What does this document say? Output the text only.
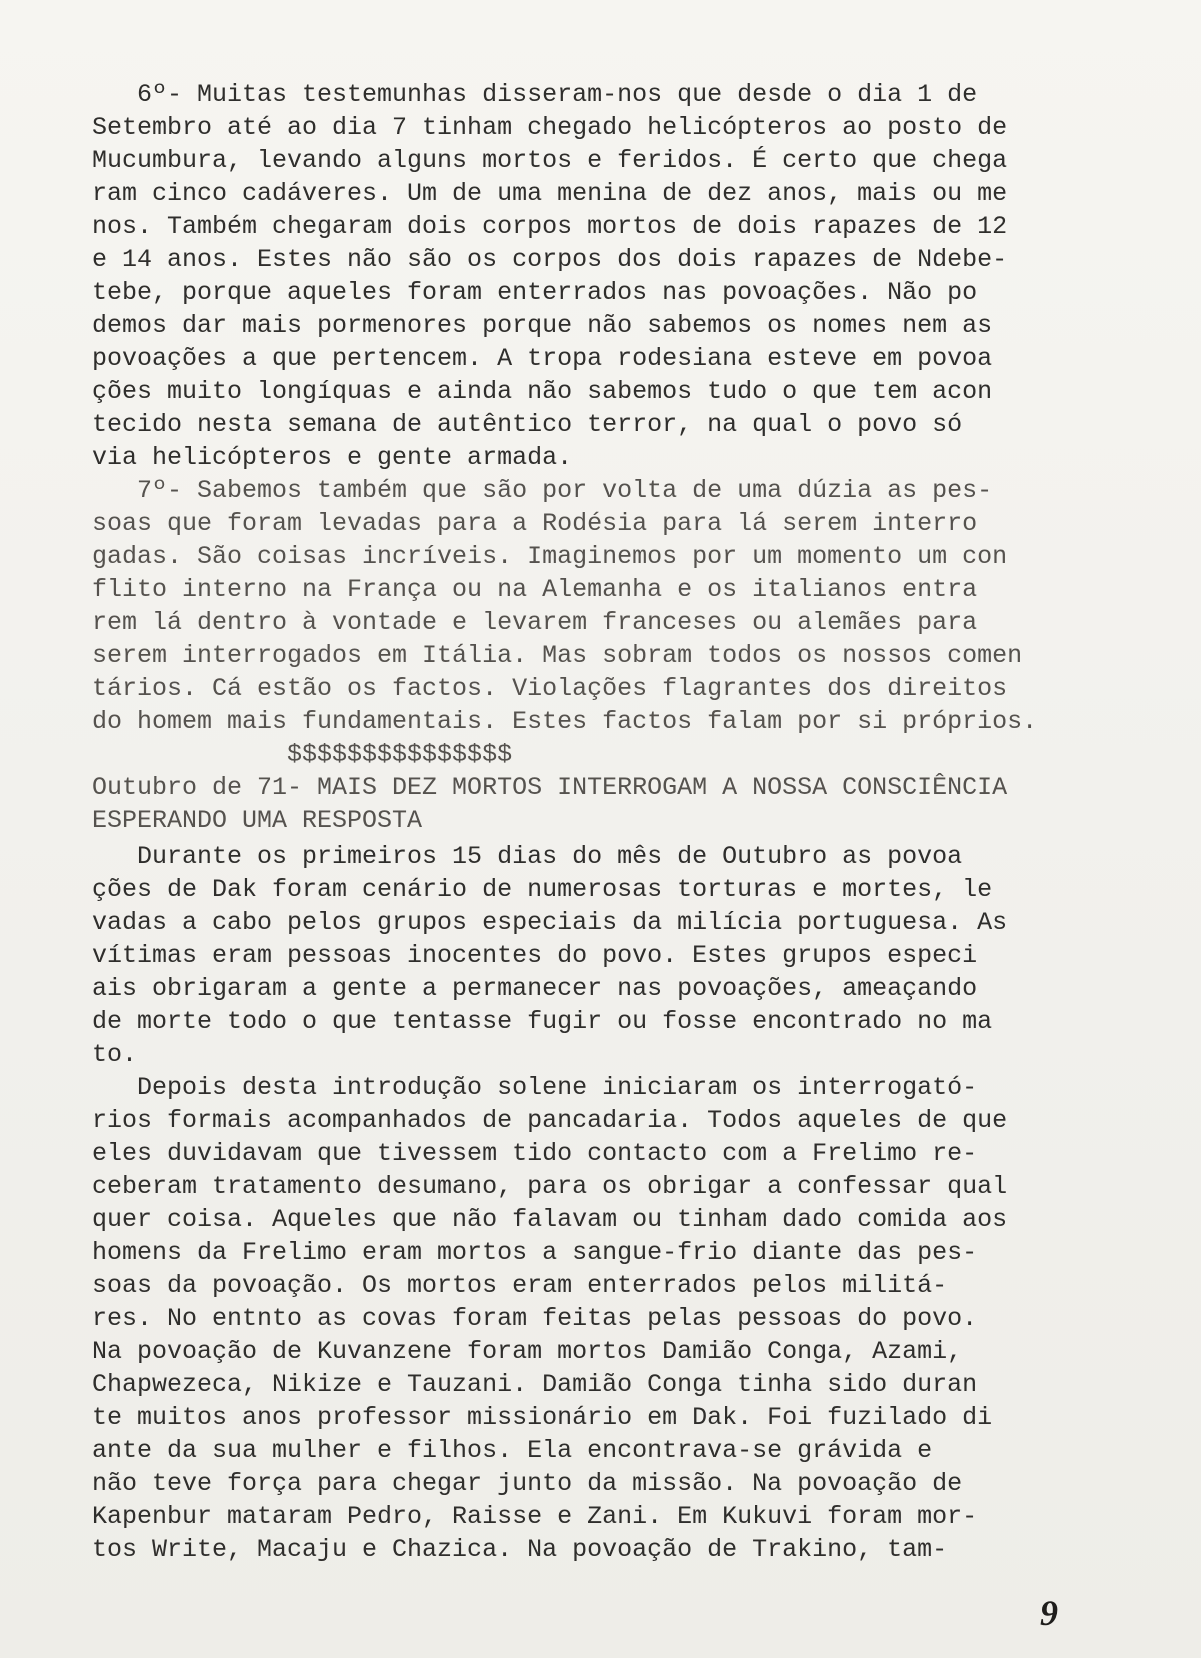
6º- Muitas testemunhas disseram-nos que desde o dia 1 de
Setembro até ao dia 7 tinham chegado helicópteros ao posto de
Mucumbura, levando alguns mortos e feridos. É certo que chega
ram cinco cadáveres. Um de uma menina de dez anos, mais ou me
nos. Também chegaram dois corpos mortos de dois rapazes de 12
e 14 anos. Estes não são os corpos dos dois rapazes de Ndebe-
tebe, porque aqueles foram enterrados nas povoações. Não po
demos dar mais pormenores porque não sabemos os nomes nem as
povoações a que pertencem. A tropa rodesiana esteve em povoa
ções muito longíquas e ainda não sabemos tudo o que tem acon
tecido nesta semana de autêntico terror, na qual o povo só
via helicópteros e gente armada.
7º- Sabemos também que são por volta de uma dúzia as pes-
soas que foram levadas para a Rodésia para lá serem interro
gadas. São coisas incríveis. Imaginemos por um momento um con
flito interno na França ou na Alemanha e os italianos entra
rem lá dentro à vontade e levarem franceses ou alemães para
serem interrogados em Itália. Mas sobram todos os nossos comen
tários. Cá estão os factos. Violações flagrantes dos direitos
do homem mais fundamentais. Estes factos falam por si próprios.
$$$$$$$$$$$$$$$
Outubro de 71- MAIS DEZ MORTOS INTERROGAM A NOSSA CONSCIÊNCIA
ESPERANDO UMA RESPOSTA
Durante os primeiros 15 dias do mês de Outubro as povoa
ções de Dak foram cenário de numerosas torturas e mortes, le
vadas a cabo pelos grupos especiais da milícia portuguesa. As
vítimas eram pessoas inocentes do povo. Estes grupos especi
ais obrigaram a gente a permanecer nas povoações, ameaçando
de morte todo o que tentasse fugir ou fosse encontrado no ma
to.
Depois desta introdução solene iniciaram os interrogató-
rios formais acompanhados de pancadaria. Todos aqueles de que
eles duvidavam que tivessem tido contacto com a Frelimo re-
ceberam tratamento desumano, para os obrigar a confessar qual
quer coisa. Aqueles que não falavam ou tinham dado comida aos
homens da Frelimo eram mortos a sangue-frio diante das pes-
soas da povoação. Os mortos eram enterrados pelos militá-
res. No entnto as covas foram feitas pelas pessoas do povo.
Na povoação de Kuvanzene foram mortos Damião Conga, Azami,
Chapwezeca, Nikize e Tauzani. Damião Conga tinha sido duran
te muitos anos professor missionário em Dak. Foi fuzilado di
ante da sua mulher e filhos. Ela encontrava-se grávida e
não teve força para chegar junto da missão. Na povoação de
Kapenbur mataram Pedro, Raisse e Zani. Em Kukuvi foram mor-
tos Write, Macaju e Chazica. Na povoação de Trakino, tam-
9
